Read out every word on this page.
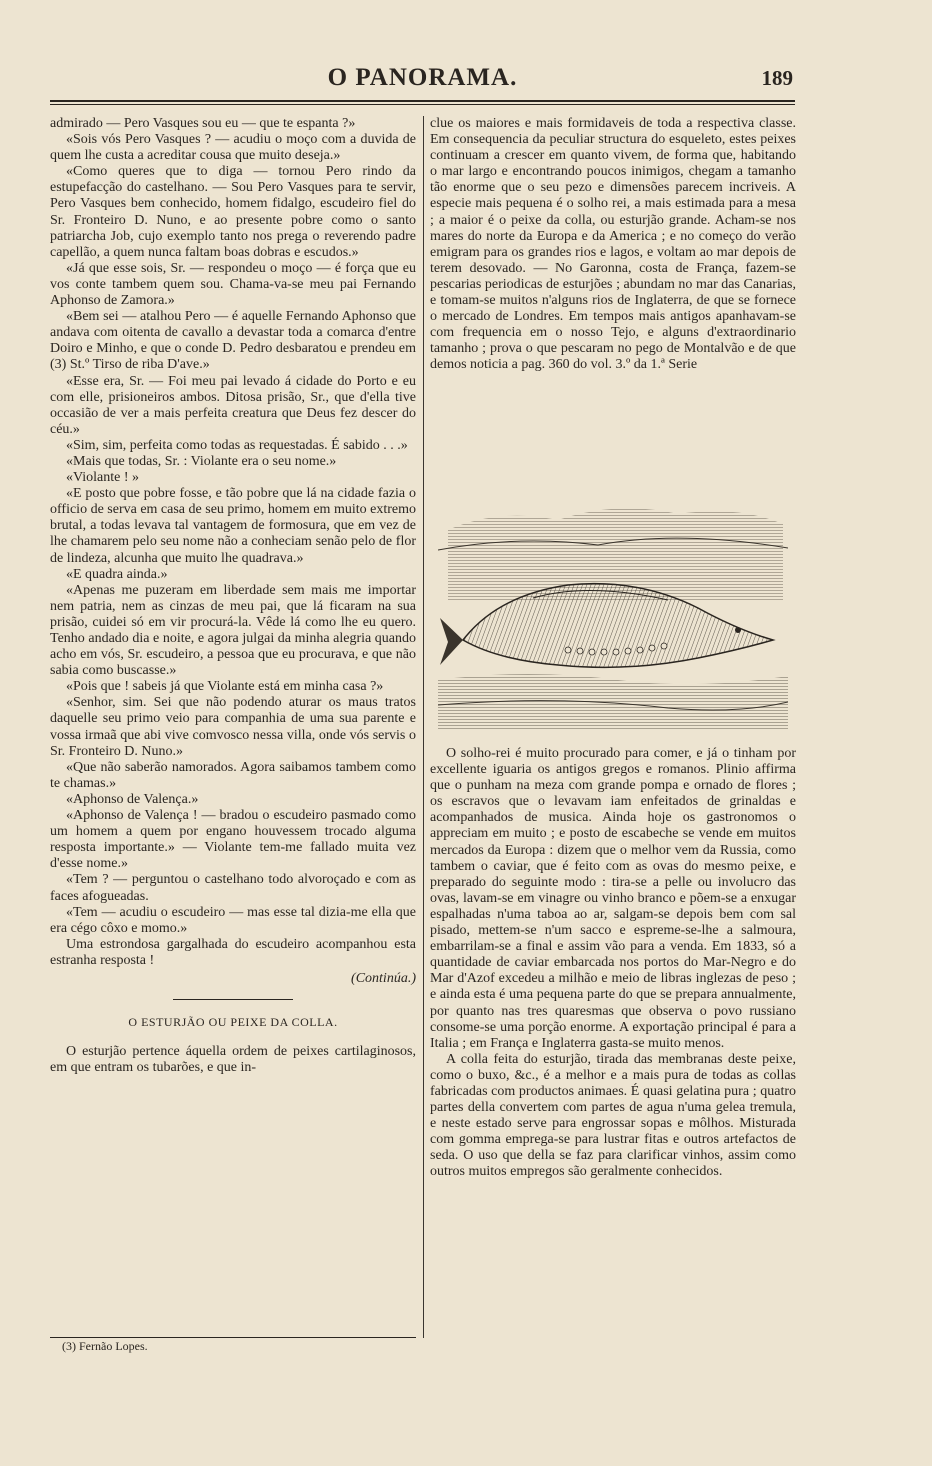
O PANORAMA.	189

admirado — Pero Vasques sou eu — que te espanta ?»

«Sois vós Pero Vasques ? — acudiu o moço com a duvida de quem lhe custa a acreditar cousa que muito deseja.»

«Como queres que to diga — tornou Pero rindo da estupefacção do castelhano. — Sou Pero Vasques para te servir, Pero Vasques bem conhecido, homem fidalgo, escudeiro fiel do Sr. Fronteiro D. Nuno, e ao presente pobre como o santo patriarcha Job, cujo exemplo tanto nos prega o reverendo padre capellão, a quem nunca faltam boas dobras e escudos.»

«Já que esse sois, Sr. — respondeu o moço — é força que eu vos conte tambem quem sou. Chama-va-se meu pai Fernando Aphonso de Zamora.»

«Bem sei — atalhou Pero — é aquelle Fernando Aphonso que andava com oitenta de cavallo a devastar toda a comarca d'entre Doiro e Minho, e que o conde D. Pedro desbaratou e prendeu em (3) St.º Tirso de riba D'ave.»

«Esse era, Sr. — Foi meu pai levado á cidade do Porto e eu com elle, prisioneiros ambos. Ditosa prisão, Sr., que d'ella tive occasião de ver a mais perfeita creatura que Deus fez descer do céu.»

«Sim, sim, perfeita como todas as requestadas. É sabido . . .»

«Mais que todas, Sr. : Violante era o seu nome.»

«Violante ! »

«E posto que pobre fosse, e tão pobre que lá na cidade fazia o officio de serva em casa de seu primo, homem em muito extremo brutal, a todas levava tal vantagem de formosura, que em vez de lhe chamarem pelo seu nome não a conheciam senão pelo de flor de lindeza, alcunha que muito lhe quadrava.»

«E quadra ainda.»

«Apenas me puzeram em liberdade sem mais me importar nem patria, nem as cinzas de meu pai, que lá ficaram na sua prisão, cuidei só em vir procurá-la. Vêde lá como lhe eu quero. Tenho andado dia e noite, e agora julgai da minha alegria quando acho em vós, Sr. escudeiro, a pessoa que eu procurava, e que não sabia como buscasse.»

«Pois que ! sabeis já que Violante está em minha casa ?»

«Senhor, sim. Sei que não podendo aturar os maus tratos daquelle seu primo veio para companhia de uma sua parente e vossa irmaã que abi vive comvosco nessa villa, onde vós servis o Sr. Fronteiro D. Nuno.»

«Que não saberão namorados. Agora saibamos tambem como te chamas.»

«Aphonso de Valença.»

«Aphonso de Valença ! — bradou o escudeiro pasmado como um homem a quem por engano houvessem trocado alguma resposta importante.» — Violante tem-me fallado muita vez d'esse nome.»

«Tem ? — perguntou o castelhano todo alvoroçado e com as faces afogueadas.

«Tem — acudiu o escudeiro — mas esse tal dizia-me ella que era cégo côxo e momo.»

Uma estrondosa gargalhada do escudeiro acompanhou esta estranha resposta !

(Continúa.)

O ESTURJÃO OU PEIXE DA COLLA.

O esturjão pertence áquella ordem de peixes cartilaginosos, em que entram os tubarões, e que in-

(3) Fernão Lopes.

clue os maiores e mais formidaveis de toda a respectiva classe. Em consequencia da peculiar structura do esqueleto, estes peixes continuam a crescer em quanto vivem, de forma que, habitando o mar largo e encontrando poucos inimigos, chegam a tamanho tão enorme que o seu pezo e dimensões parecem incriveis. A especie mais pequena é o solho rei, a mais estimada para a mesa ; a maior é o peixe da colla, ou esturjão grande. Acham-se nos mares do norte da Europa e da America ; e no começo do verão emigram para os grandes rios e lagos, e voltam ao mar depois de terem desovado. — No Garonna, costa de França, fazem-se pescarias periodicas de esturjões ; abundam no mar das Canarias, e tomam-se muitos n'alguns rios de Inglaterra, de que se fornece o mercado de Londres. Em tempos mais antigos apanhavam-se com frequencia em o nosso Tejo, e alguns d'extraordinario tamanho ; prova o que pescaram no pego de Montalvão e de que demos noticia a pag. 360 do vol. 3.º da 1.ª Serie

O solho-rei é muito procurado para comer, e já o tinham por excellente iguaria os antigos gregos e romanos. Plinio affirma que o punham na meza com grande pompa e ornado de flores ; os escravos que o levavam iam enfeitados de grinaldas e acompanhados de musica. Ainda hoje os gastronomos o appreciam em muito ; e posto de escabeche se vende em muitos mercados da Europa : dizem que o melhor vem da Russia, como tambem o caviar, que é feito com as ovas do mesmo peixe, e preparado do seguinte modo : tira-se a pelle ou involucro das ovas, lavam-se em vinagre ou vinho branco e põem-se a enxugar espalhadas n'uma taboa ao ar, salgam-se depois bem com sal pisado, mettem-se n'um sacco e espreme-se-lhe a salmoura, embarrilam-se a final e assim vão para a venda. Em 1833, só a quantidade de caviar embarcada nos portos do Mar-Negro e do Mar d'Azof excedeu a milhão e meio de libras inglezas de peso ; e ainda esta é uma pequena parte do que se prepara annualmente, por quanto nas tres quaresmas que observa o povo russiano consome-se uma porção enorme. A exportação principal é para a Italia ; em França e Inglaterra gasta-se muito menos.

A colla feita do esturjão, tirada das membranas deste peixe, como o buxo, &c., é a melhor e a mais pura de todas as collas fabricadas com productos animaes. É quasi gelatina pura ; quatro partes della convertem com partes de agua n'uma gelea tremula, e neste estado serve para engrossar sopas e môlhos. Misturada com gomma emprega-se para lustrar fitas e outros artefactos de seda. O uso que della se faz para clarificar vinhos, assim como outros muitos empregos são geralmente conhecidos.
